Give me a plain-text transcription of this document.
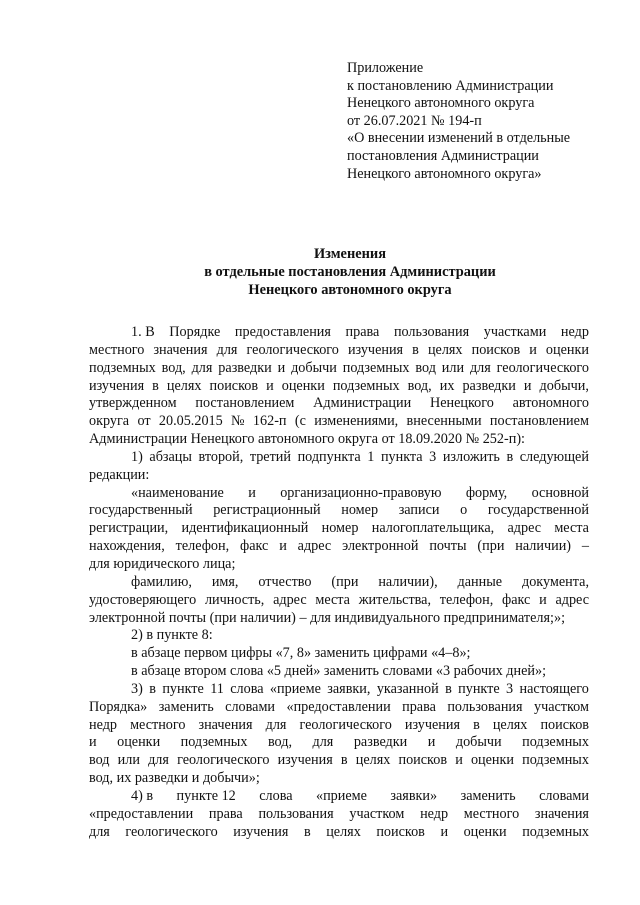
Приложение
к постановлению Администрации
Ненецкого автономного округа
от 26.07.2021 № 194-п
«О внесении изменений в отдельные
постановления Администрации
Ненецкого автономного округа»
Изменения
в отдельные постановления Администрации
Ненецкого автономного округа
1. В Порядке предоставления права пользования участками недр
местного значения для геологического изучения в целях поисков и оценки
подземных вод, для разведки и добычи подземных вод или для геологического
изучения в целях поисков и оценки подземных вод, их разведки и добычи,
утвержденном постановлением Администрации Ненецкого автономного
округа от 20.05.2015 № 162-п (с изменениями, внесенными постановлением
Администрации Ненецкого автономного округа от 18.09.2020 № 252-п):
1) абзацы второй, третий подпункта 1 пункта 3 изложить в следующей
редакции:
«наименование и организационно-правовую форму, основной
государственный регистрационный номер записи о государственной
регистрации, идентификационный номер налогоплательщика, адрес места
нахождения, телефон, факс и адрес электронной почты (при наличии) –
для юридического лица;
фамилию, имя, отчество (при наличии), данные документа,
удостоверяющего личность, адрес места жительства, телефон, факс и адрес
электронной почты (при наличии) – для индивидуального предпринимателя;»;
2) в пункте 8:
в абзаце первом цифры «7, 8» заменить цифрами «4–8»;
в абзаце втором слова «5 дней» заменить словами «3 рабочих дней»;
3) в пункте 11 слова «приеме заявки, указанной в пункте 3 настоящего
Порядка» заменить словами «предоставлении права пользования участком
недр местного значения для геологического изучения в целях поисков
и оценки подземных вод, для разведки и добычи подземных
вод или для геологического изучения в целях поисков и оценки подземных
вод, их разведки и добычи»;
4) в пункте 12 слова «приеме заявки» заменить словами
«предоставлении права пользования участком недр местного значения
для геологического изучения в целях поисков и оценки подземных
